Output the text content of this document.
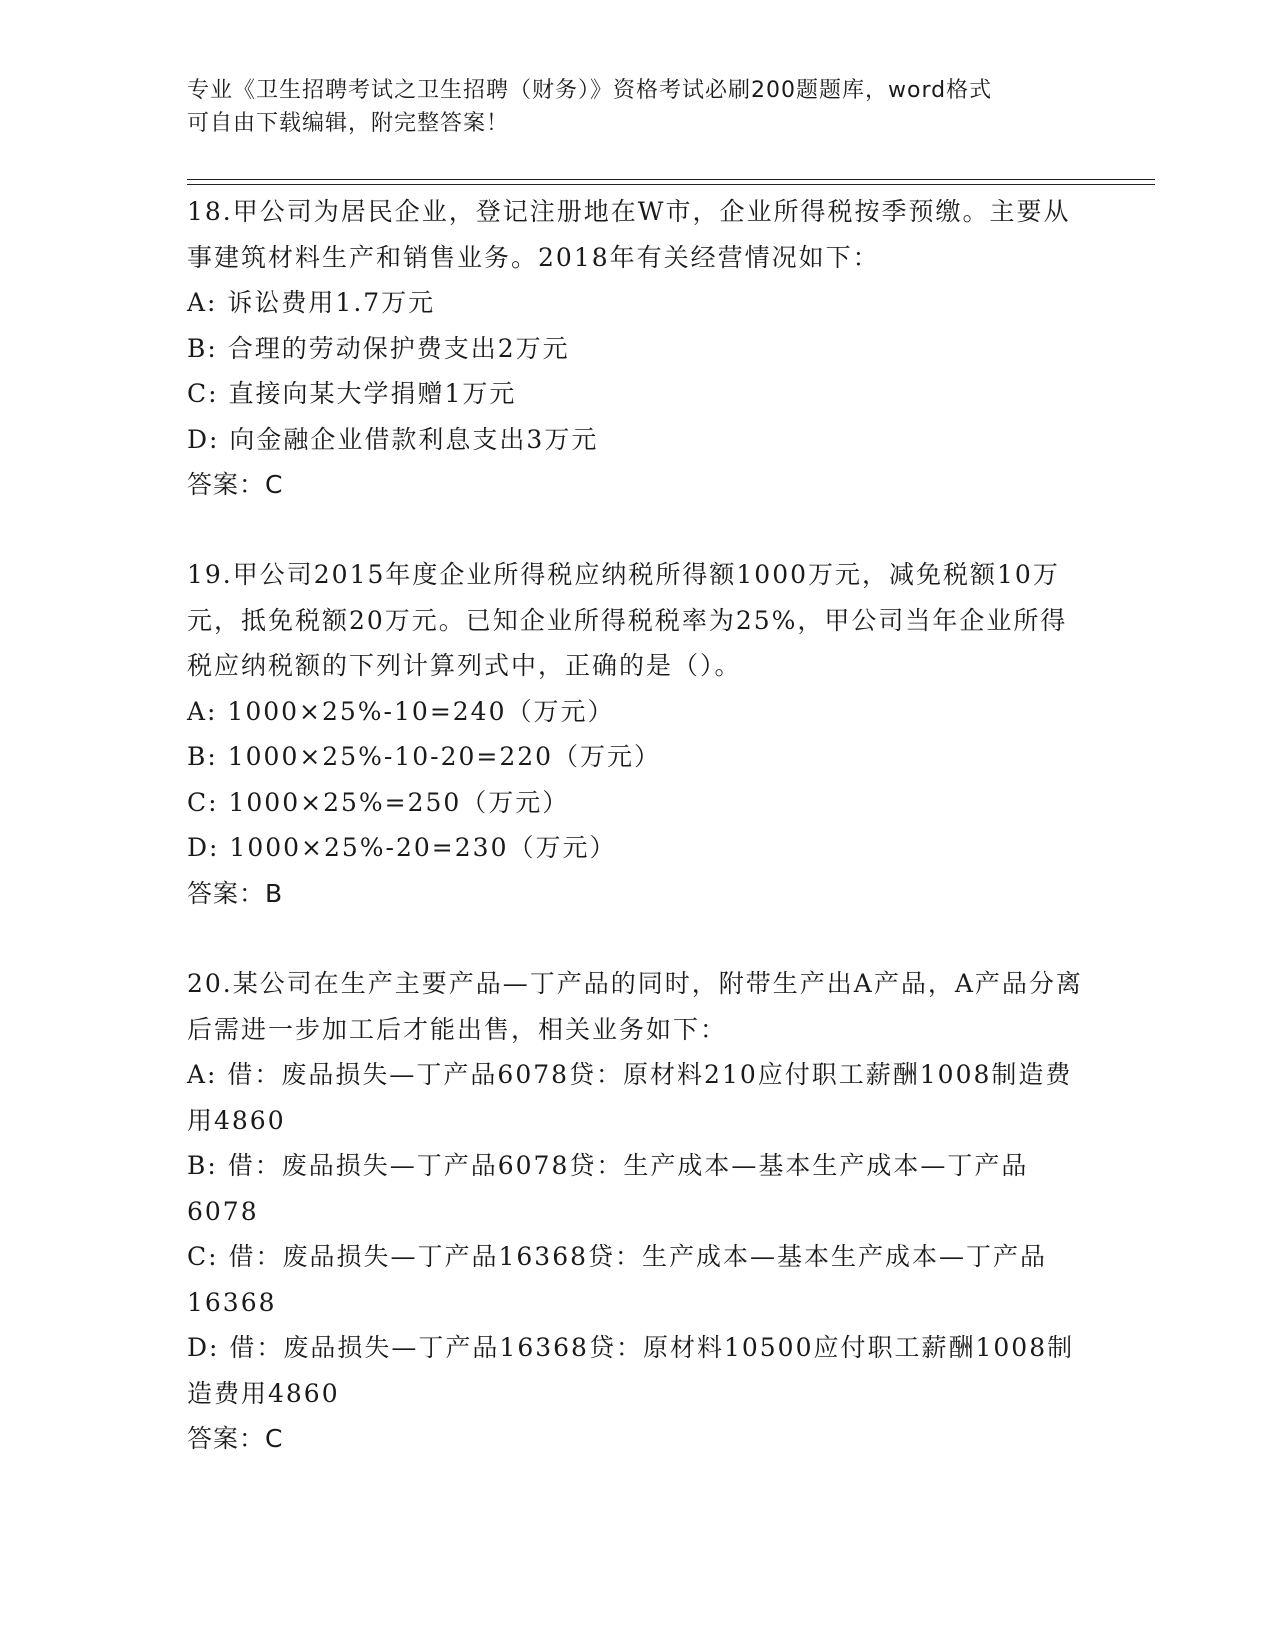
专业《卫生招聘考试之卫生招聘（财务）》资格考试必刷200题题库，word格式
可自由下载编辑，附完整答案！

18.甲公司为居民企业，登记注册地在W市，企业所得税按季预缴。主要从事建筑材料生产和销售业务。2018年有关经营情况如下：

A: 诉讼费用1.7万元

B: 合理的劳动保护费支出2万元

C: 直接向某大学捐赠1万元

D: 向金融企业借款利息支出3万元

答案：C

19.甲公司2015年度企业所得税应纳税所得额1000万元，减免税额10万元，抵免税额20万元。已知企业所得税税率为25%，甲公司当年企业所得税应纳税额的下列计算列式中，正确的是（）。

A: 1000×25%-10=240（万元）

B: 1000×25%-10-20=220（万元）

C: 1000×25%=250（万元）

D: 1000×25%-20=230（万元）

答案：B

20.某公司在生产主要产品—丁产品的同时，附带生产出A产品，A产品分离后需进一步加工后才能出售，相关业务如下：

A: 借：废品损失—丁产品6078贷：原材料210应付职工薪酬1008制造费用4860

B: 借：废品损失—丁产品6078贷：生产成本—基本生产成本—丁产品6078

C: 借：废品损失—丁产品16368贷：生产成本—基本生产成本—丁产品16368

D: 借：废品损失—丁产品16368贷：原材料10500应付职工薪酬1008制造费用4860

答案：C
